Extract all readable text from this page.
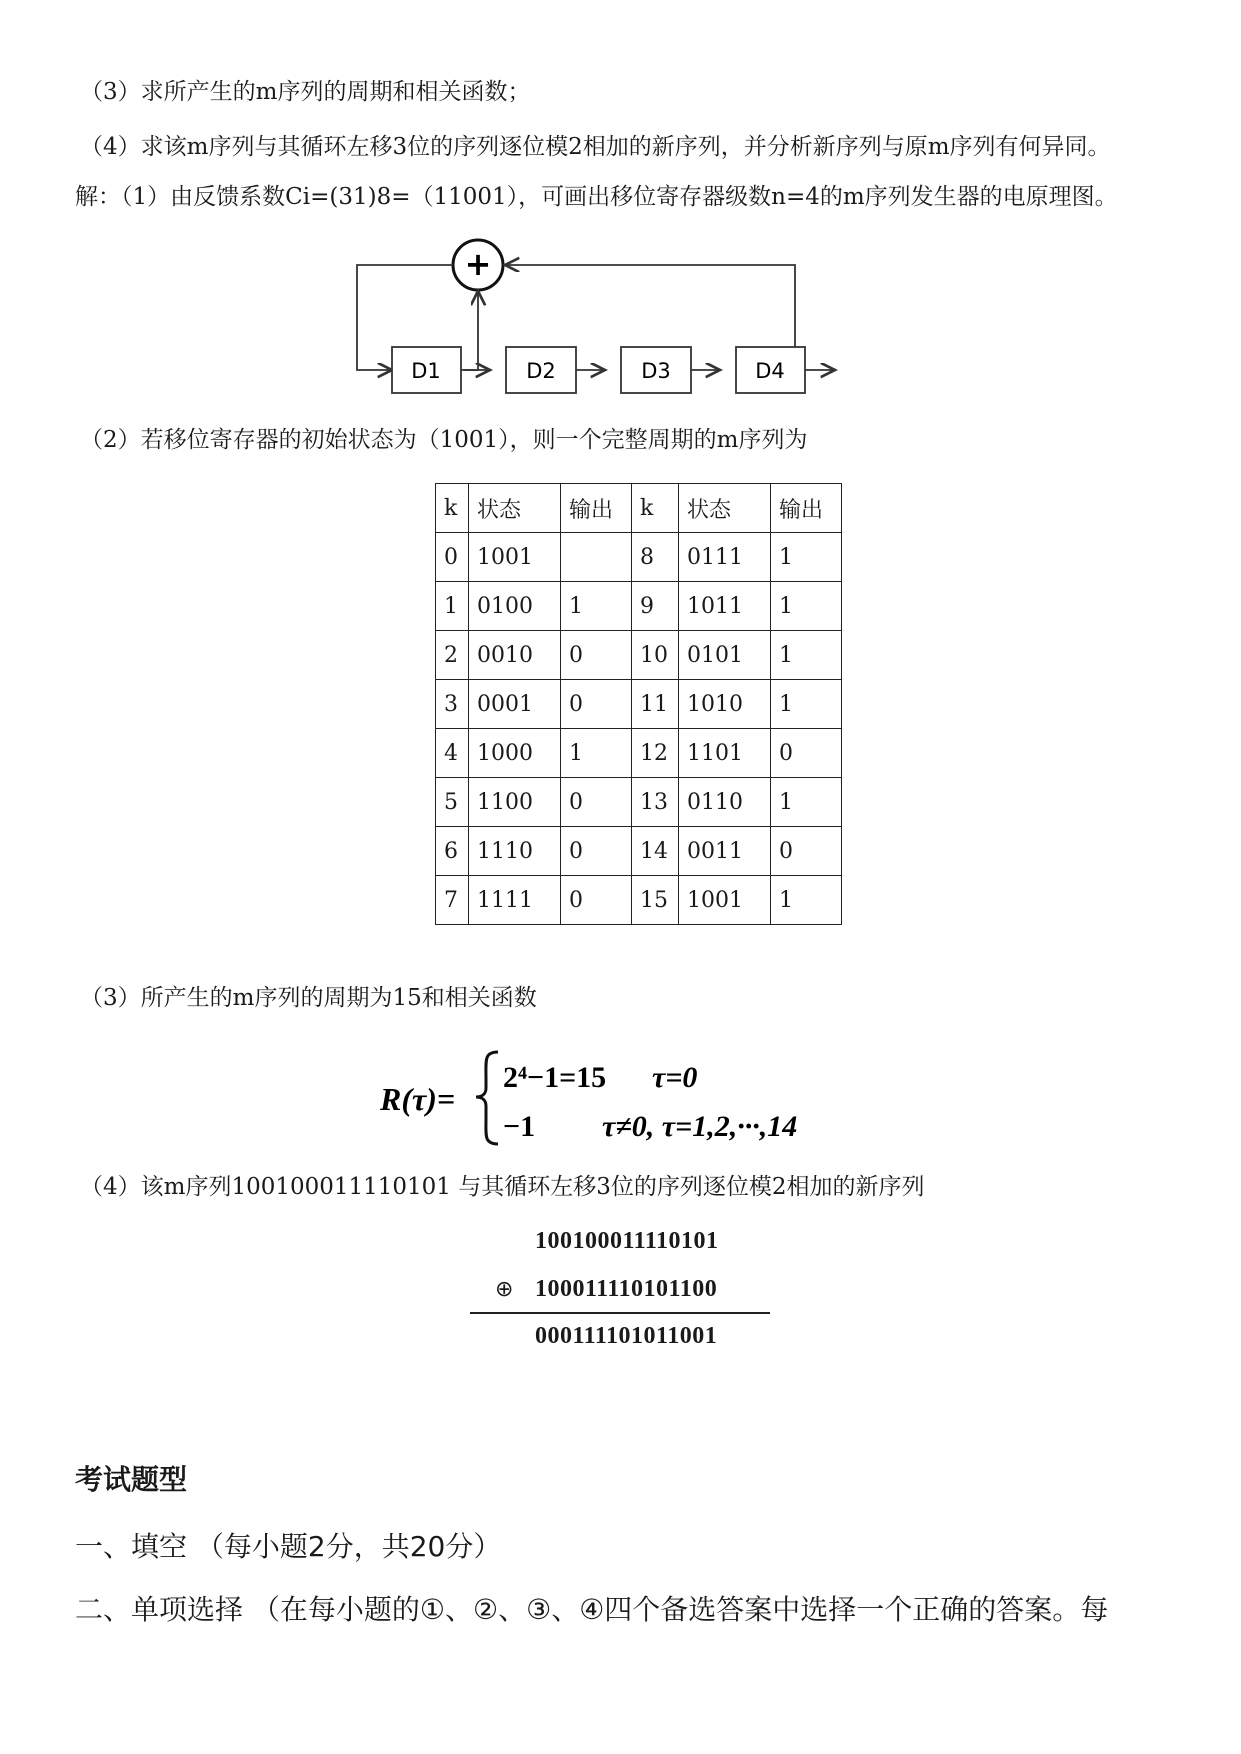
（3）求所产生的m序列的周期和相关函数；
（4）求该m序列与其循环左移3位的序列逐位模2相加的新序列，并分析新序列与原m序列有何异同。
解：（1）由反馈系数Ci=(31)8=（11001），可画出移位寄存器级数n=4的m序列发生器的电原理图。
+
D1	D2	D3	D4
（2）若移位寄存器的初始状态为（1001），则一个完整周期的m序列为
k	状态	输出	k	状态	输出
0	1001		8	0111	1
1	0100	1	9	1011	1
2	0010	0	10	0101	1
3	0001	0	11	1010	1
4	1000	1	12	1101	0
5	1100	0	13	0110	1
6	1110	0	14	0011	0
7	1111	0	15	1001	1
（3）所产生的m序列的周期为15和相关函数
R(τ)=
2⁴−1=15 τ=0
−1 τ≠0, τ=1,2,···,14
（4）该m序列100100011110101 与其循环左移3位的序列逐位模2相加的新序列
100100011110101
⊕ 100011110101100
000111101011001
考试题型
一、填空 （每小题2分，共20分）
二、单项选择 （在每小题的①、②、③、④四个备选答案中选择一个正确的答案。每
